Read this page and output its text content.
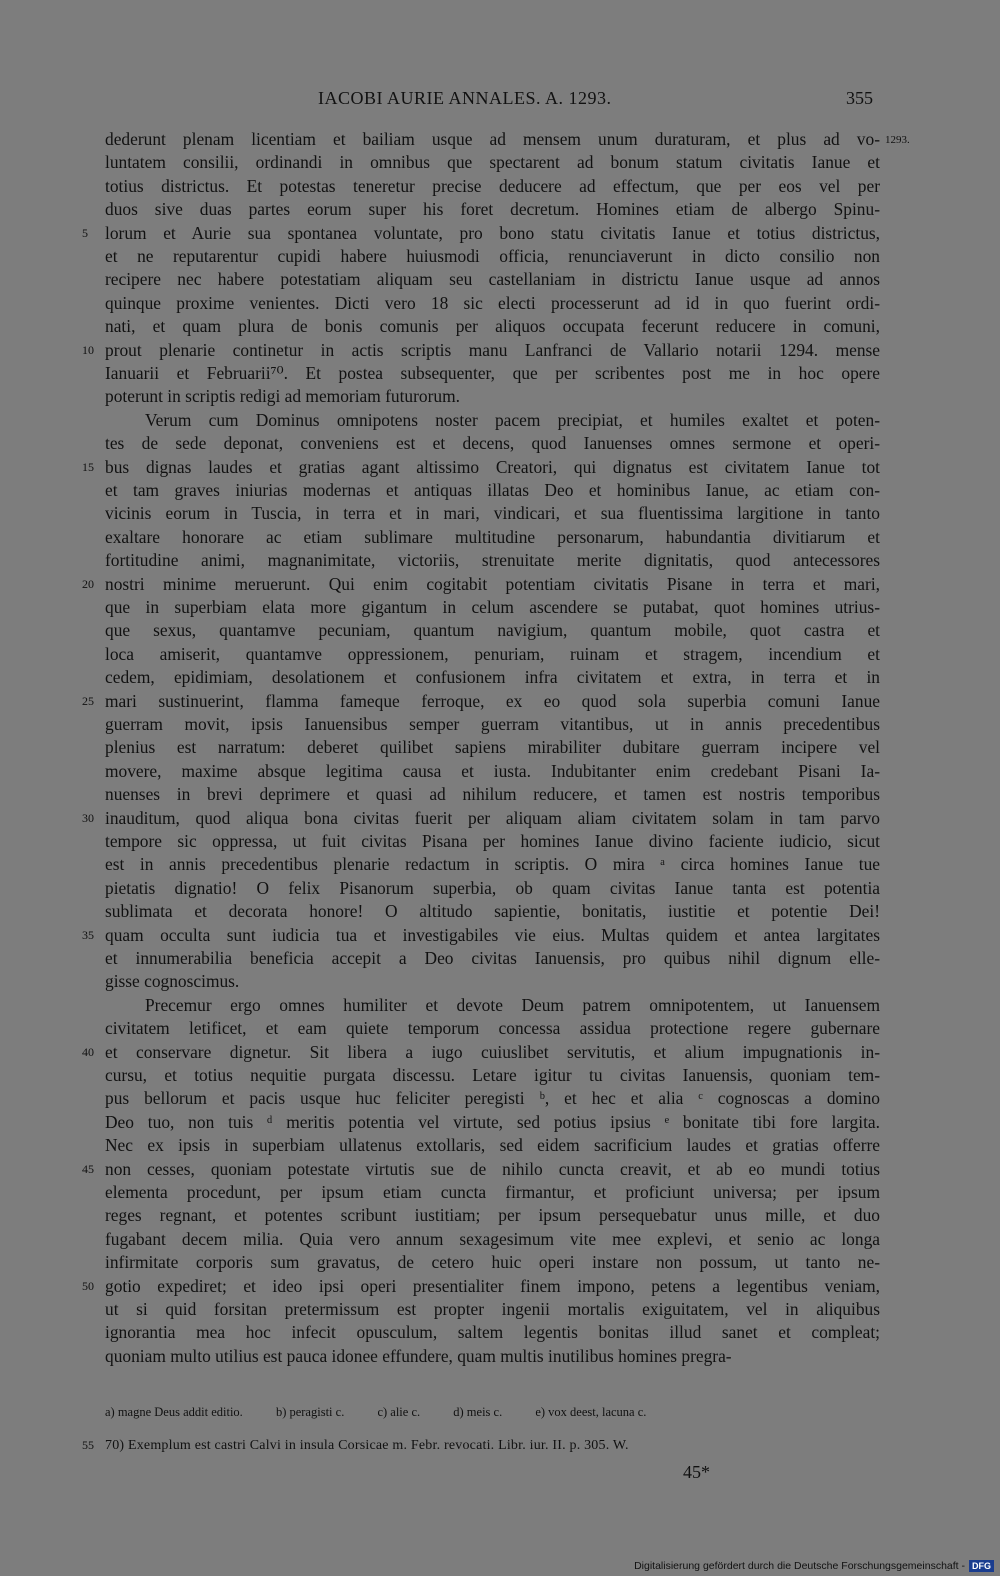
IACOBI AURIE ANNALES. A. 1293.	355
1293.
dederunt plenam licentiam et bailiam usque ad mensem unum duraturam, et plus ad vo-
luntatem consilii, ordinandi in omnibus que spectarent ad bonum statum civitatis Ianue et
totius districtus. Et potestas teneretur precise deducere ad effectum, que per eos vel per
duos sive duas partes eorum super his foret decretum. Homines etiam de albergo Spinu-
lorum et Aurie sua spontanea voluntate, pro bono statu civitatis Ianue et totius districtus,
et ne reputarentur cupidi habere huiusmodi officia, renunciaverunt in dicto consilio non
recipere nec habere potestatiam aliquam seu castellaniam in districtu Ianue usque ad annos
quinque proxime venientes. Dicti vero 18 sic electi processerunt ad id in quo fuerint ordi-
nati, et quam plura de bonis comunis per aliquos occupata fecerunt reducere in comuni,
prout plenarie continetur in actis scriptis manu Lanfranci de Vallario notarii 1294. mense
Ianuarii et Februarii⁷⁰. Et postea subsequenter, que per scribentes post me in hoc opere
poterunt in scriptis redigi ad memoriam futurorum.
Verum cum Dominus omnipotens noster pacem precipiat, et humiles exaltet et poten-
tes de sede deponat, conveniens est et decens, quod Ianuenses omnes sermone et operi-
bus dignas laudes et gratias agant altissimo Creatori, qui dignatus est civitatem Ianue tot
et tam graves iniurias modernas et antiquas illatas Deo et hominibus Ianue, ac etiam con-
vicinis eorum in Tuscia, in terra et in mari, vindicari, et sua fluentissima largitione in tanto
exaltare honorare ac etiam sublimare multitudine personarum, habundantia divitiarum et
fortitudine animi, magnanimitate, victoriis, strenuitate merite dignitatis, quod antecessores
nostri minime meruerunt. Qui enim cogitabit potentiam civitatis Pisane in terra et mari,
que in superbiam elata more gigantum in celum ascendere se putabat, quot homines utrius-
que sexus, quantamve pecuniam, quantum navigium, quantum mobile, quot castra et
loca amiserit, quantamve oppressionem, penuriam, ruinam et stragem, incendium et
cedem, epidimiam, desolationem et confusionem infra civitatem et extra, in terra et in
mari sustinuerint, flamma fameque ferroque, ex eo quod sola superbia comuni Ianue
guerram movit, ipsis Ianuensibus semper guerram vitantibus, ut in annis precedentibus
plenius est narratum: deberet quilibet sapiens mirabiliter dubitare guerram incipere vel
movere, maxime absque legitima causa et iusta. Indubitanter enim credebant Pisani Ia-
nuenses in brevi deprimere et quasi ad nihilum reducere, et tamen est nostris temporibus
inauditum, quod aliqua bona civitas fuerit per aliquam aliam civitatem solam in tam parvo
tempore sic oppressa, ut fuit civitas Pisana per homines Ianue divino faciente iudicio, sicut
est in annis precedentibus plenarie redactum in scriptis. O mira ᵃ circa homines Ianue tue
pietatis dignatio! O felix Pisanorum superbia, ob quam civitas Ianue tanta est potentia
sublimata et decorata honore! O altitudo sapientie, bonitatis, iustitie et potentie Dei!
quam occulta sunt iudicia tua et investigabiles vie eius. Multas quidem et antea largitates
et innumerabilia beneficia accepit a Deo civitas Ianuensis, pro quibus nihil dignum elle-
gisse cognoscimus.
Precemur ergo omnes humiliter et devote Deum patrem omnipotentem, ut Ianuensem
civitatem letificet, et eam quiete temporum concessa assidua protectione regere gubernare
et conservare dignetur. Sit libera a iugo cuiuslibet servitutis, et alium impugnationis in-
cursu, et totius nequitie purgata discessu. Letare igitur tu civitas Ianuensis, quoniam tem-
pus bellorum et pacis usque huc feliciter peregisti ᵇ, et hec et alia ᶜ cognoscas a domino
Deo tuo, non tuis ᵈ meritis potentia vel virtute, sed potius ipsius ᵉ bonitate tibi fore largita.
Nec ex ipsis in superbiam ullatenus extollaris, sed eidem sacrificium laudes et gratias offerre
non cesses, quoniam potestate virtutis sue de nihilo cuncta creavit, et ab eo mundi totius
elementa procedunt, per ipsum etiam cuncta firmantur, et proficiunt universa; per ipsum
reges regnant, et potentes scribunt iustitiam; per ipsum persequebatur unus mille, et duo
fugabant decem milia. Quia vero annum sexagesimum vite mee explevi, et senio ac longa
infirmitate corporis sum gravatus, de cetero huic operi instare non possum, ut tanto ne-
gotio expediret; et ideo ipsi operi presentialiter finem impono, petens a legentibus veniam,
ut si quid forsitan pretermissum est propter ingenii mortalis exiguitatem, vel in aliquibus
ignorantia mea hoc infecit opusculum, saltem legentis bonitas illud sanet et compleat;
quoniam multo utilius est pauca idonee effundere, quam multis inutilibus homines pregra-
a) magne Deus addit editio.	b) peragisti c.	c) alie c.	d) meis c.	e) vox deest, lacuna c.
55 70) Exemplum est castri Calvi in insula Corsicae m. Febr. revocati. Libr. iur. II. p. 305. W.
45*
Digitalisierung gefördert durch die Deutsche Forschungsgemeinschaft - DFG
5
10
15
20
25
30
35
40
45
50
